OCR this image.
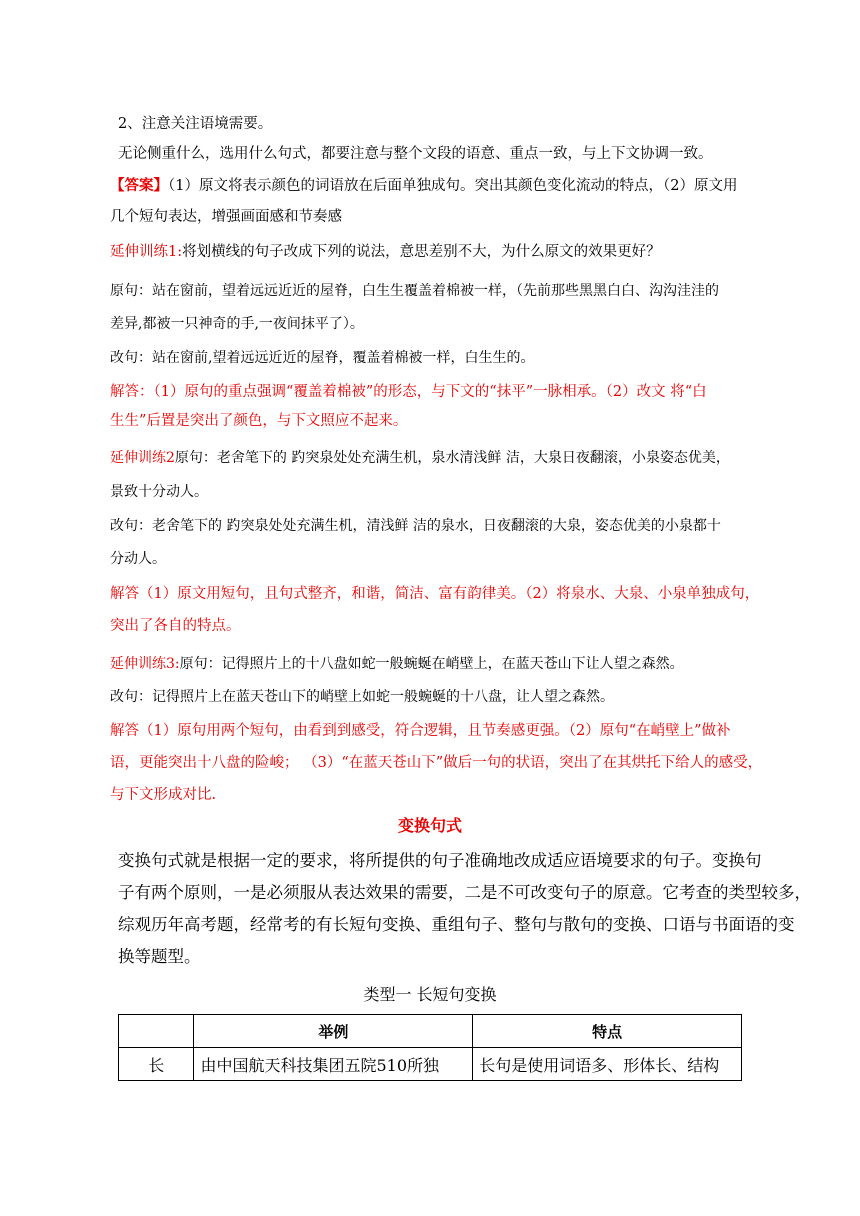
2、注意关注语境需要。
无论侧重什么，选用什么句式，都要注意与整个文段的语意、重点一致，与上下文协调一致。
【答案】（1）原文将表示颜色的词语放在后面单独成句。突出其颜色变化流动的特点，（2）原文用
几个短句表达，增强画面感和节奏感
延伸训练1:将划横线的句子改成下列的说法，意思差别不大，为什么原文的效果更好？
原句：站在窗前，望着远远近近的屋脊，白生生覆盖着棉被一样，（先前那些黑黑白白、沟沟洼洼的
差异,都被一只神奇的手,一夜间抹平了）。
改句：站在窗前,望着远远近近的屋脊，覆盖着棉被一样，白生生的。
解答：（1）原句的重点强调“覆盖着棉被”的形态，与下文的“抹平”一脉相承。（2）改文 将“白
生生”后置是突出了颜色，与下文照应不起来。
延伸训练2原句：老舍笔下的 趵突泉处处充满生机，泉水清浅鲜 洁，大泉日夜翻滚，小泉姿态优美，
景致十分动人。
改句：老舍笔下的 趵突泉处处充满生机，清浅鲜 洁的泉水，日夜翻滚的大泉，姿态优美的小泉都十
分动人。
解答（1）原文用短句，且句式整齐，和谐，简洁、富有韵律美。（2）将泉水、大泉、小泉单独成句，
突出了各自的特点。
延伸训练3:原句：记得照片上的十八盘如蛇一般蜿蜒在峭壁上，在蓝天苍山下让人望之森然。
改句：记得照片上在蓝天苍山下的峭壁上如蛇一般蜿蜒的十八盘，让人望之森然。
解答（1）原句用两个短句，由看到到感受，符合逻辑，且节奏感更强。（2）原句“在峭壁上”做补
语，更能突出十八盘的险峻； （3）“在蓝天苍山下”做后一句的状语，突出了在其烘托下给人的感受，
与下文形成对比.
变换句式
变换句式就是根据一定的要求，将所提供的句子准确地改成适应语境要求的句子。变换句
子有两个原则，一是必须服从表达效果的需要，二是不可改变句子的原意。它考查的类型较多，
综观历年高考题，经常考的有长短句变换、重组句子、整句与散句的变换、口语与书面语的变
换等题型。
类型一 长短句变换
	举例	特点
长	由中国航天科技集团五院510所独	长句是使用词语多、形体长、结构
